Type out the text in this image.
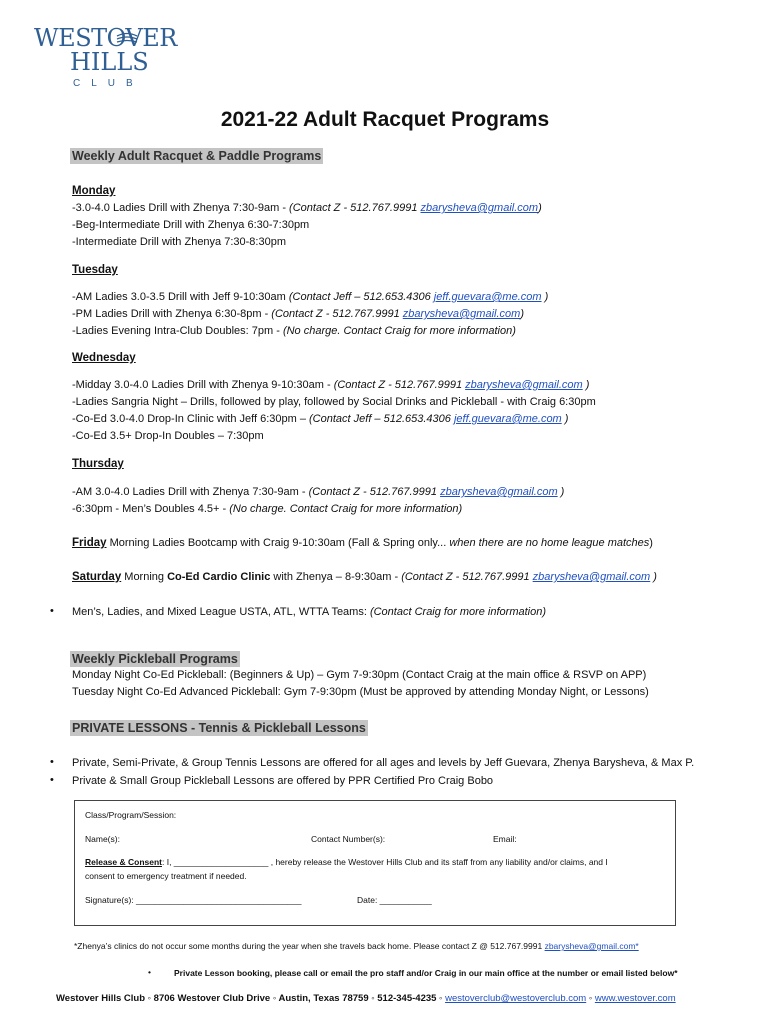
WESTOVER
HILLS
CLUB
2021-22 Adult Racquet Programs
Weekly Adult Racquet & Paddle Programs
Monday
-3.0-4.0 Ladies Drill with Zhenya 7:30-9am - (Contact Z - 512.767.9991 zbarysheva@gmail.com)
-Beg-Intermediate Drill with Zhenya 6:30-7:30pm
-Intermediate Drill with Zhenya 7:30-8:30pm
Tuesday
-AM Ladies 3.0-3.5 Drill with Jeff 9-10:30am (Contact Jeff – 512.653.4306 jeff.guevara@me.com )
-PM Ladies Drill with Zhenya 6:30-8pm - (Contact Z - 512.767.9991 zbarysheva@gmail.com)
-Ladies Evening Intra-Club Doubles: 7pm - (No charge. Contact Craig for more information)
Wednesday
-Midday 3.0-4.0 Ladies Drill with Zhenya 9-10:30am - (Contact Z - 512.767.9991 zbarysheva@gmail.com )
-Ladies Sangria Night – Drills, followed by play, followed by Social Drinks and Pickleball - with Craig 6:30pm
-Co-Ed 3.0-4.0 Drop-In Clinic with Jeff 6:30pm – (Contact Jeff – 512.653.4306 jeff.guevara@me.com )
-Co-Ed 3.5+ Drop-In Doubles – 7:30pm
Thursday
-AM 3.0-4.0 Ladies Drill with Zhenya 7:30-9am - (Contact Z - 512.767.9991 zbarysheva@gmail.com )
-6:30pm - Men’s Doubles 4.5+ - (No charge. Contact Craig for more information)
Friday Morning Ladies Bootcamp with Craig 9-10:30am (Fall & Spring only... when there are no home league matches)
Saturday Morning Co-Ed Cardio Clinic with Zhenya – 8-9:30am - (Contact Z - 512.767.9991 zbarysheva@gmail.com )
• Men’s, Ladies, and Mixed League USTA, ATL, WTTA Teams: (Contact Craig for more information)
Weekly Pickleball Programs
Monday Night Co-Ed Pickleball: (Beginners & Up) – Gym 7-9:30pm (Contact Craig at the main office & RSVP on APP)
Tuesday Night Co-Ed Advanced Pickleball: Gym 7-9:30pm (Must be approved by attending Monday Night, or Lessons)
PRIVATE LESSONS - Tennis & Pickleball Lessons
• Private, Semi-Private, & Group Tennis Lessons are offered for all ages and levels by Jeff Guevara, Zhenya Barysheva, & Max P.
• Private & Small Group Pickleball Lessons are offered by PPR Certified Pro Craig Bobo
Class/Program/Session:
Name(s):	Contact Number(s):	Email:
Release & Consent: I, ____________________ , hereby release the Westover Hills Club and its staff from any liability and/or claims, and I
consent to emergency treatment if needed.
Signature(s): ___________________________________	Date: ___________
*Zhenya’s clinics do not occur some months during the year when she travels back home. Please contact Z @ 512.767.9991 zbarysheva@gmail.com*
•	Private Lesson booking, please call or email the pro staff and/or Craig in our main office at the number or email listed below*
Westover Hills Club ◦ 8706 Westover Club Drive ◦ Austin, Texas 78759 ◦ 512-345-4235 ◦ westoverclub@westoverclub.com ◦ www.westover.com
